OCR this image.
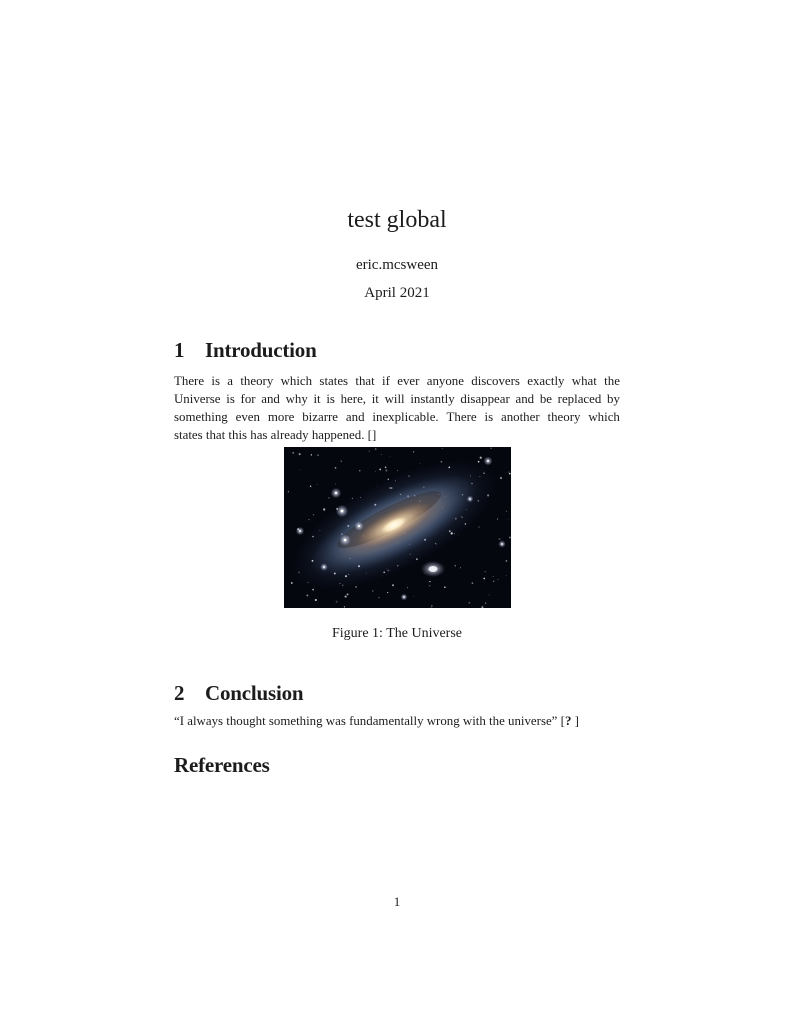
test global
eric.mcsween
April 2021
1 Introduction
There is a theory which states that if ever anyone discovers exactly what the
Universe is for and why it is here, it will instantly disappear and be replaced by
something even more bizarre and inexplicable. There is another theory which
states that this has already happened. []
Figure 1: The Universe
2 Conclusion
“I always thought something was fundamentally wrong with the universe” [? ]
References
1
